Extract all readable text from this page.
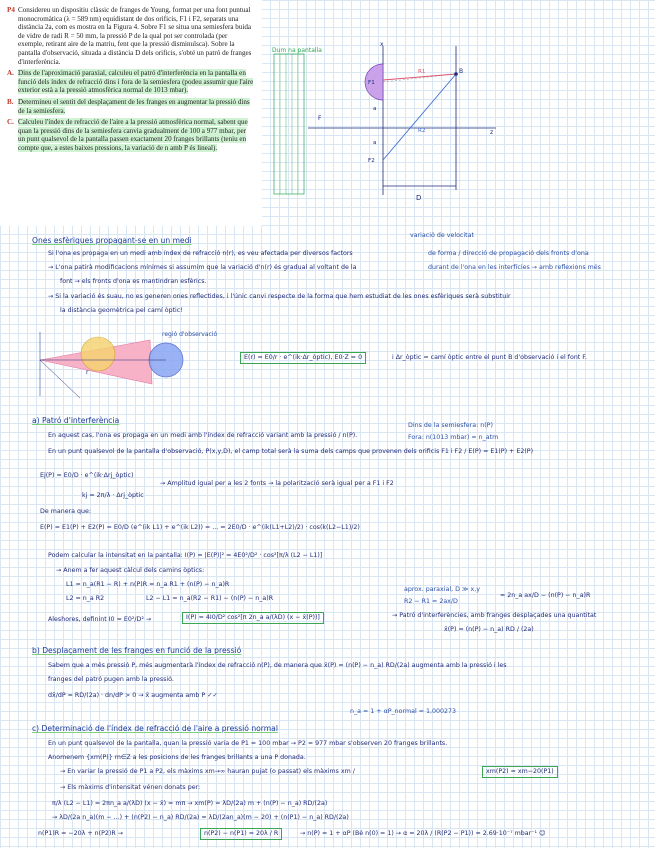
P4 Considereu un dispositiu clàssic de franges de Young, format per una font puntual monocromàtica (λ = 589 nm) equidistant de dos orificis, F1 i F2, separats una distància 2a, com es mostra en la Figura 4. Sobre F1 se situa una semiesfera buida de vidre de radi R = 50 mm, la pressió P de la qual pot ser controlada (per exemple, retirant aire de la matriu, fent que la pressió disminuïsca). Sobre la pantalla d'observació, situada a distància D dels orificis, s'obté un patró de franges d'interferència.

A. Dins de l'aproximació paraxial, calculeu el patró d'interferència en la pantalla en funció dels índex de refracció dins i fora de la semiesfera (podeu assumir que l'aire exterior està a la pressió atmosfèrica normal de 1013 mbar).

B. Determineu el sentit del desplaçament de les franges en augmentar la pressió dins de la semiesfera.

C. Calculeu l'índex de refracció de l'aire a la pressió atmosfèrica normal, sabent que quan la pressió dins de la semiesfera canvia gradualment de 100 a 977 mbar, per un punt qualsevol de la pantalla passen exactament 20 franges brillants (teniu en compte que, a estes baixes pressions, la variació de n amb P és lineal).

Dum na pantalla
x
z
B
F1
F2
F
a
a
R1
R2
D
Ones esfèriques propagant-se en un medi
variació de velocitat
Si l'ona es propaga en un medi amb índex de refracció n(r), es veu afectada per diversos factors	de forma / direcció de propagació dels fronts d'ona
→ L'ona patirà modificacions mínimes si assumim que la variació d'n(r) és gradual al voltant de la	durant de l'ona en les interfícies → amb reflexions més
font → els fronts d'ona es mantindran esfèrics.
→ Si la variació és suau, no es generen ones reflectides, i l'únic canvi respecte de la forma que hem estudiat de les ones esfèriques serà substituir
la distància geomètrica pel camí òptic!
regió d'observació
r
E(r) = E0/r · e^(ik·Δr_òptic), E0·Z = 0	i Δr_òptic = camí òptic entre el punt B d'observació i el font F.
a) Patró d'interferència
En aquest cas, l'ona es propaga en un medi amb l'índex de refracció variant amb la pressió / n(P).
Dins de la semiesfera: n(P)
Fora: n(1013 mbar) = n_atm
En un punt qualsevol de la pantalla d'observació, P(x,y,D), el camp total serà la suma dels camps que provenen dels orificis F1 i F2 / E(P) = E1(P) + E2(P)
Ej(P) = E0/D · e^(ik·Δrj_òptic)
→ Amplitud igual per a les 2 fonts → la polarització serà igual per a F1 i F2
kj = 2π/λ · Δrj_òptic
De manera que:
E(P) = E1(P) + E2(P) = E0/D (e^(ik L1) + e^(ik L2)) = ... = 2E0/D · e^(ik(L1+L2)/2) · cos(k(L2−L1)/2)
Podem calcular la intensitat en la pantalla: I(P) = |E(P)|² = 4E0²/D² · cos²[π/λ (L2 − L1)]
→ Anem a fer aquest càlcul dels camins òptics:
L1 = n_a(R1 − R) + n(P)R = n_a R1 + (n(P) − n_a)R
L2 = n_a R2	L2 − L1 = n_a(R2 − R1) − (n(P) − n_a)R
aprox. paraxial, D ≫ x,y
R2 − R1 ≈ 2ax/D
= 2n_a ax/D − (n(P) − n_a)R
Aleshores, definint I0 = E0²/D² →	I(P) = 4I0/D² cos²[π 2n_a a/(λD) (x − x̄(P))]	→ Patró d'interferències, amb franges desplaçades una quantitat
x̄(P) = (n(P) − n_a) RD / (2a)
b) Desplaçament de les franges en funció de la pressió
Sabem que a més pressió P, més augmentarà l'índex de refracció n(P), de manera que x̄(P) = (n(P) − n_a) RD/(2a) augmenta amb la pressió i les
franges del patró pugen amb la pressió.
dx̄/dP = RD/(2a) · dn/dP > 0 → x̄ augmenta amb P ✓✓
n_a = 1 + αP_normal ≈ 1,000273
c) Determinació de l'índex de refracció de l'aire a pressió normal
En un punt qualsevol de la pantalla, quan la pressió varia de P1 = 100 mbar → P2 = 977 mbar s'observen 20 franges brillants.
Anomenem {xm(P)} m∈Z a les posicions de les franges brillants a una P donada.
→ En variar la pressió de P1 a P2, els màxims xm→∞ hauran pujat (o passat) els màxims xm /	xm(P2) = xm−20(P1)
→ Els màxims d'intensitat vénen donats per:
π/λ (L2 − L1) = 2πn_a a/(λD) (x − x̄) = mπ → xm(P) = λD/(2a) m + (n(P) − n_a) RD/(2a)
→ λD/(2a n_a)(m − ...) + (n(P2) − n_a) RD/(2a) = λD/(2an_a)(m − 20) + (n(P1) − n_a) RD/(2a)
n(P1)R = −20λ + n(P2)R →	n(P2) − n(P1) = 20λ / R	→ n(P) = 1 + αP (Bé n(0) = 1) → α = 20λ / (R(P2 − P1)) ≈ 2.69·10⁻⁷ mbar⁻¹ ☺
